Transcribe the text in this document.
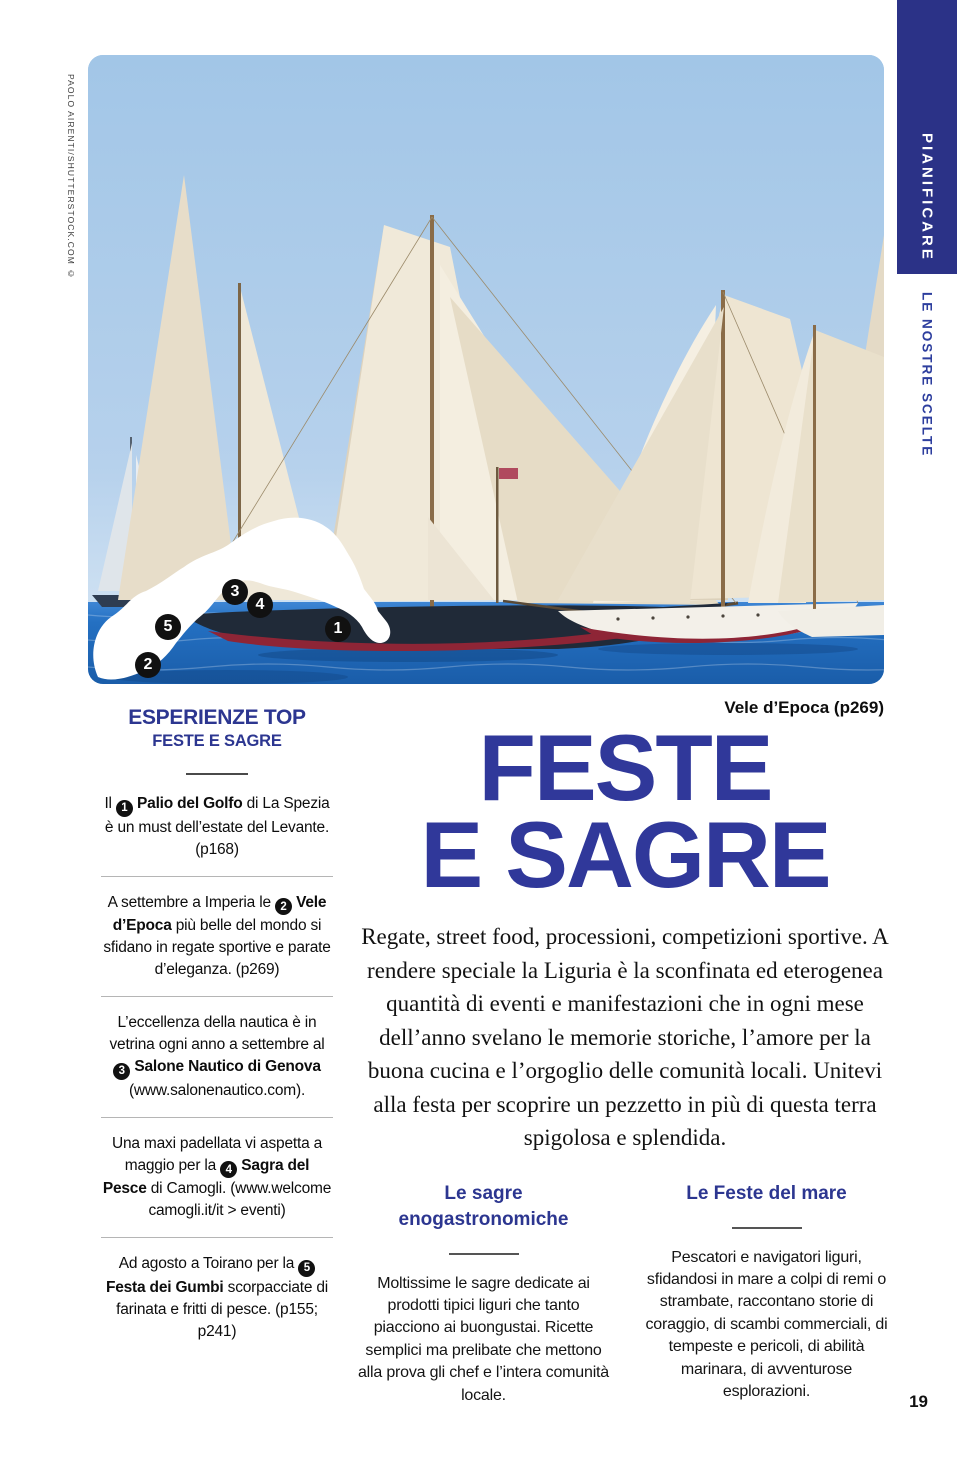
PAOLO AIRENTI/SHUTTERSTOCK.COM ©
1
2
3
4
5
PIANIFICARE
LE NOSTRE SCELTE
Vele d’Epoca (p269)
ESPERIENZE TOP
FESTE E SAGRE

Il 1 Palio del Golfo di La Spezia è un must dell’estate del Levante. (p168)

A settembre a Imperia le 2 Vele d’Epoca più belle del mondo si sfidano in regate sportive e parate d’eleganza. (p269)

L’eccellenza della nautica è in vetrina ogni anno a settembre al 3 Salone Nautico di Genova (www.salonenautico.com).

Una maxi padellata vi aspetta a maggio per la 4 Sagra del Pesce di Camogli. (www.welcome camogli.it/it > eventi)

Ad agosto a Toirano per la 5 Festa dei Gumbi scorpacciate di farinata e fritti di pesce. (p155; p241)

FESTE
E SAGRE

Regate, street food, processioni, competizioni sportive. A rendere speciale la Liguria è la sconfinata ed eterogenea quantità di eventi e manifestazioni che in ogni mese dell’anno svelano le memorie storiche, l’amore per la buona cucina e l’orgoglio delle comunità locali. Unitevi alla festa per scoprire un pezzetto in più di questa terra spigolosa e splendida.

Le sagre enogastronomiche

Moltissime le sagre dedicate ai prodotti tipici liguri che tanto piacciono ai buongustai. Ricette semplici ma prelibate che mettono alla prova gli chef e l’intera comunità locale.

Le Feste del mare

Pescatori e navigatori liguri, sfidandosi in mare a colpi di remi o strambate, raccontano storie di coraggio, di scambi commerciali, di tempeste e pericoli, di abilità marinara, di avventurose esplorazioni.

19
